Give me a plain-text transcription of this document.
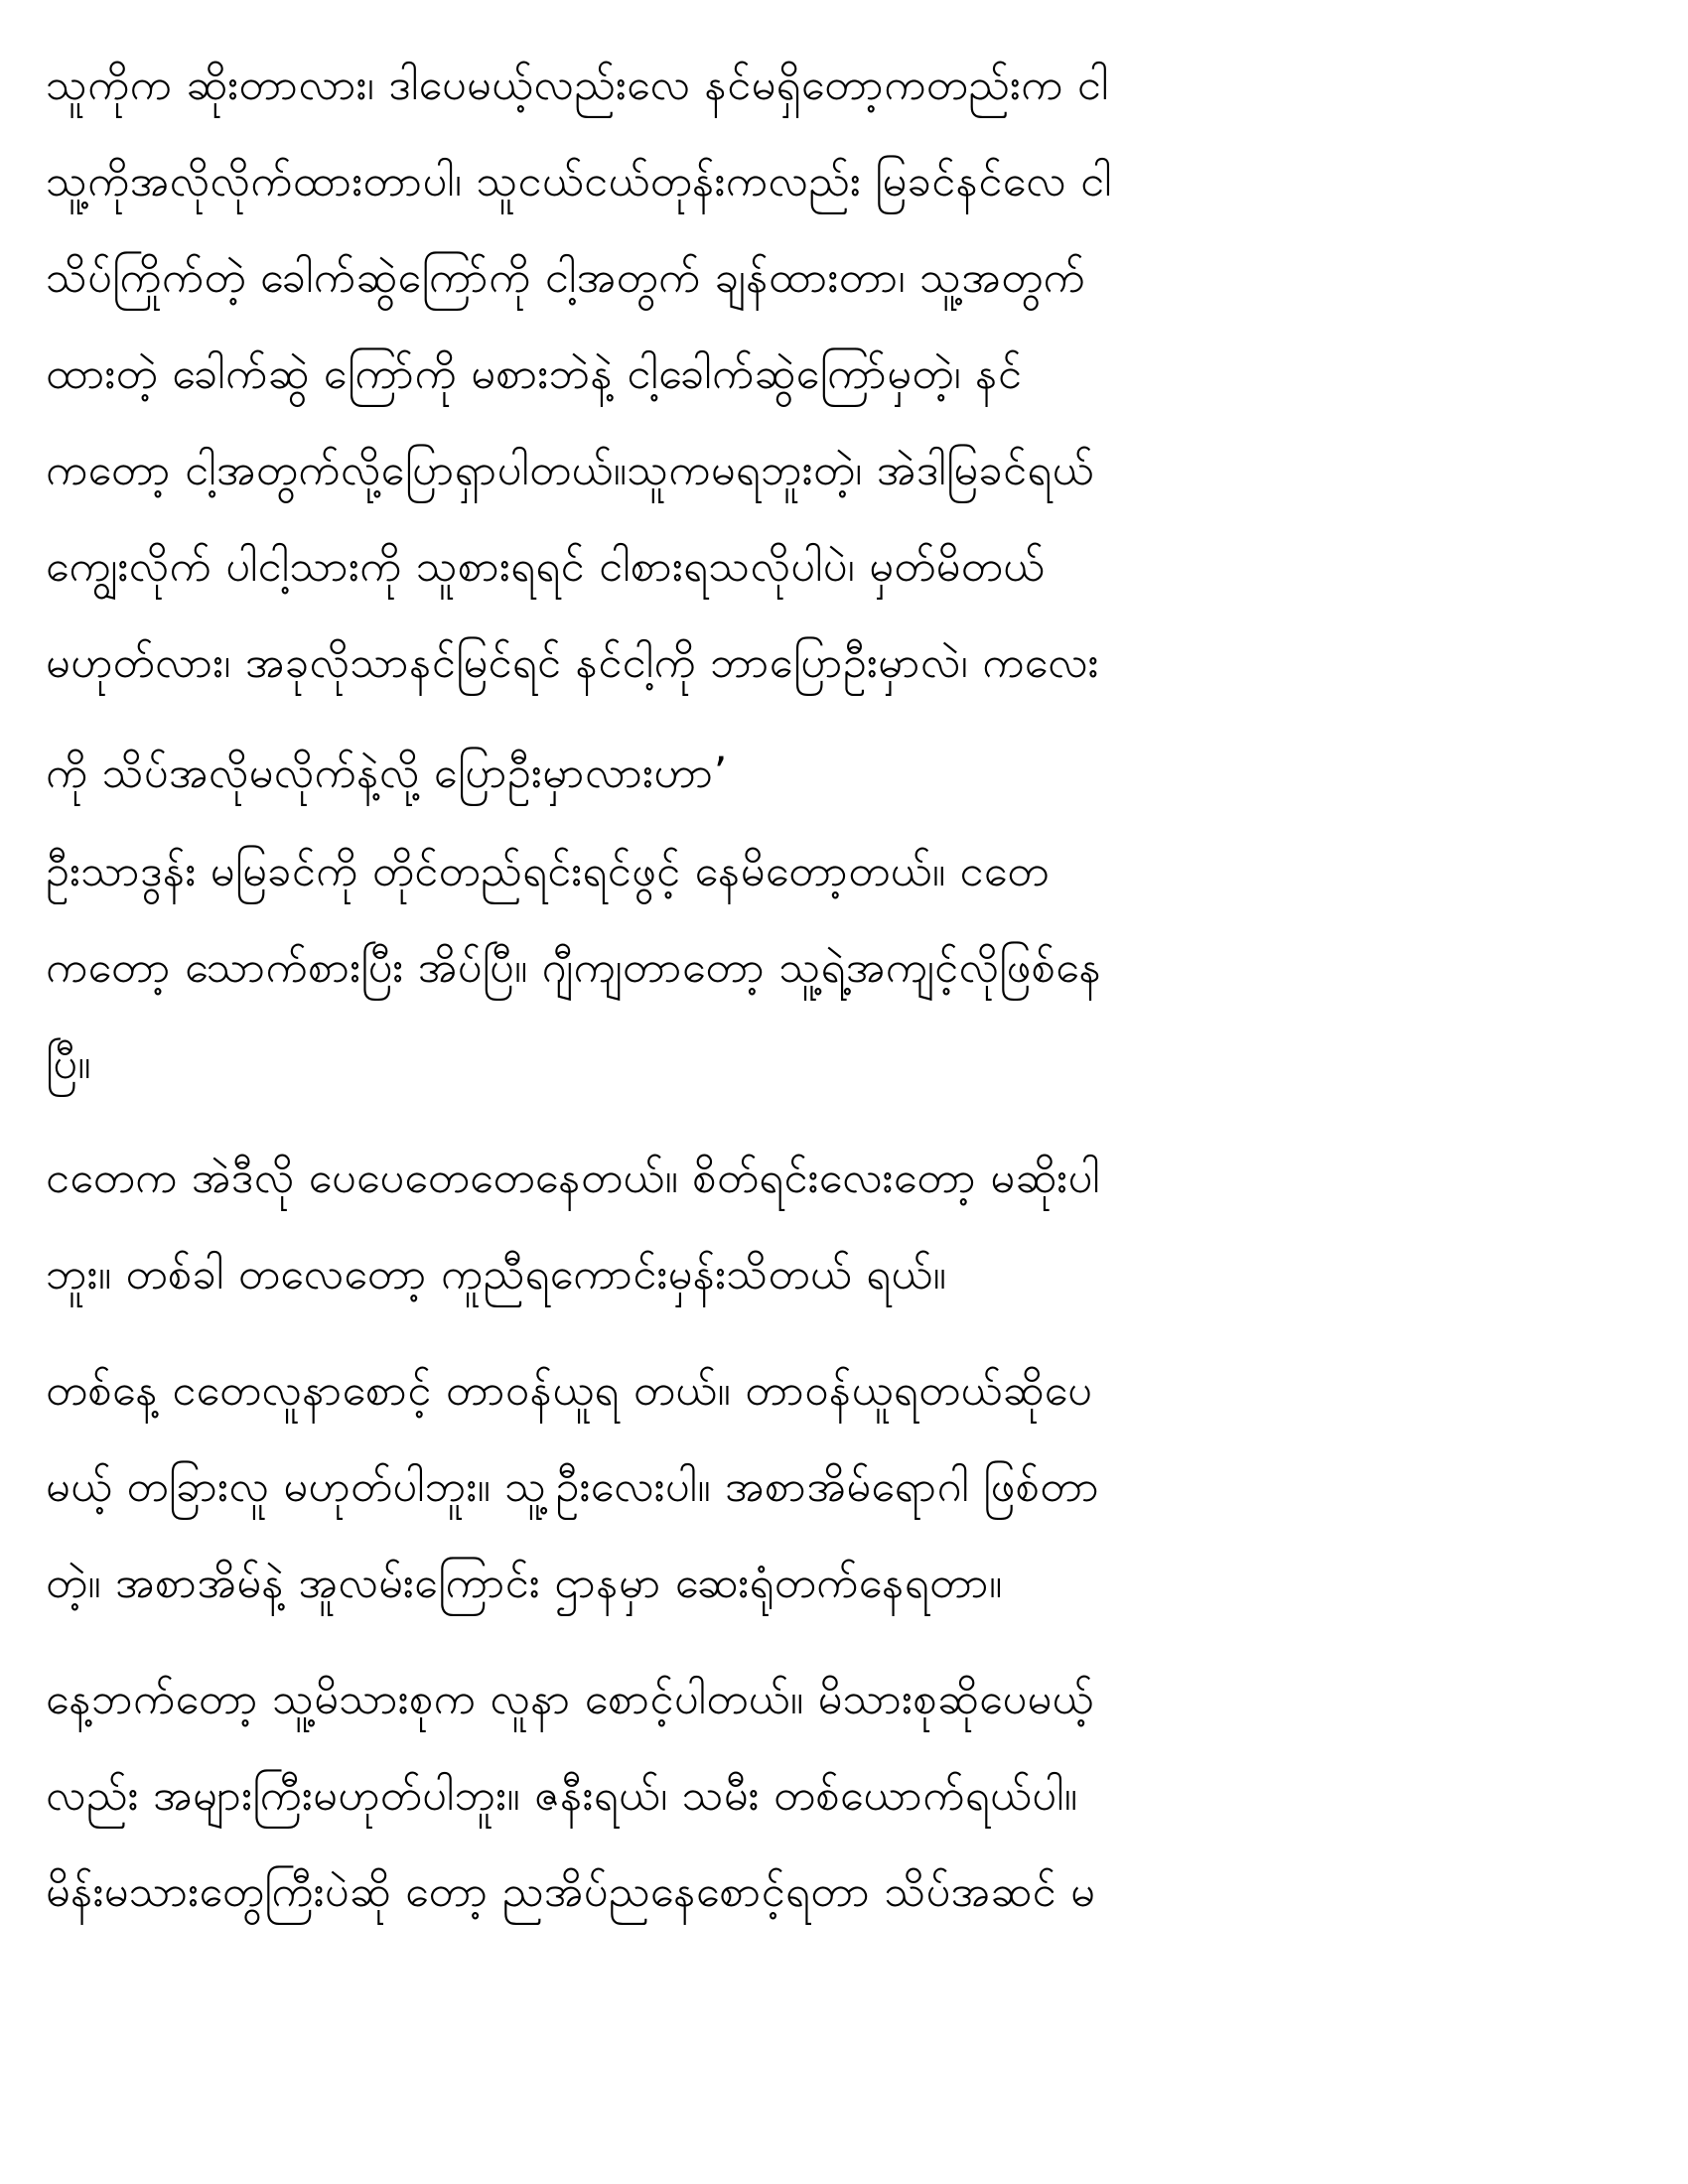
သူကိုက ဆိုးတာလား၊ ဒါပေမယ့်လည်းလေ နင်မရှိတော့ကတည်းက ငါ
သူ့ကိုအလိုလိုက်ထားတာပါ၊ သူငယ်ငယ်တုန်းကလည်း မြခင်နင်လေ ငါ
သိပ်ကြိုက်တဲ့ ခေါက်ဆွဲကြော်ကို ငါ့အတွက် ချန်ထားတာ၊ သူ့အတွက်
ထားတဲ့ ခေါက်ဆွဲ ကြော်ကို မစားဘဲနဲ့ ငါ့ခေါက်ဆွဲကြော်မှတဲ့၊ နင်
ကတော့ ငါ့အတွက်လို့ပြောရှာပါတယ်။သူကမရဘူးတဲ့၊ အဲဒါမြခင်ရယ်
ကျွေးလိုက် ပါငါ့သားကို သူစားရရင် ငါစားရသလိုပါပဲ၊ မှတ်မိတယ်
မဟုတ်လား၊ အခုလိုသာနင်မြင်ရင် နင်ငါ့ကို ဘာပြောဦးမှာလဲ၊ ကလေး
ကို သိပ်အလိုမလိုက်နဲ့လို့ ပြောဦးမှာလားဟာ’
ဦးသာဒွန်း မမြခင်ကို တိုင်တည်ရင်းရင်ဖွင့် နေမိတော့တယ်။ ငတေ
ကတော့ သောက်စားပြီး အိပ်ပြီ။ ဂျီကျတာတော့ သူ့ရဲ့အကျင့်လိုဖြစ်နေ
ပြီ။
ငတေက အဲဒီလို ပေပေတေတေနေတယ်။ စိတ်ရင်းလေးတော့ မဆိုးပါ
ဘူး။ တစ်ခါ တလေတော့ ကူညီရကောင်းမှန်းသိတယ် ရယ်။
တစ်နေ့ ငတေလူနာစောင့် တာဝန်ယူရ တယ်။ တာဝန်ယူရတယ်ဆိုပေ
မယ့် တခြားလူ မဟုတ်ပါဘူး။ သူ့ဦးလေးပါ။ အစာအိမ်ရောဂါ ဖြစ်တာ
တဲ့။ အစာအိမ်နဲ့ အူလမ်းကြောင်း ဌာနမှာ ဆေးရုံတက်နေရတာ။
နေ့ဘက်တော့ သူ့မိသားစုက လူနာ စောင့်ပါတယ်။ မိသားစုဆိုပေမယ့်
လည်း အများကြီးမဟုတ်ပါဘူး။ ဇနီးရယ်၊ သမီး တစ်ယောက်ရယ်ပါ။
မိန်းမသားတွေကြီးပဲဆို တော့ ညအိပ်ညနေစောင့်ရတာ သိပ်အဆင် မ
